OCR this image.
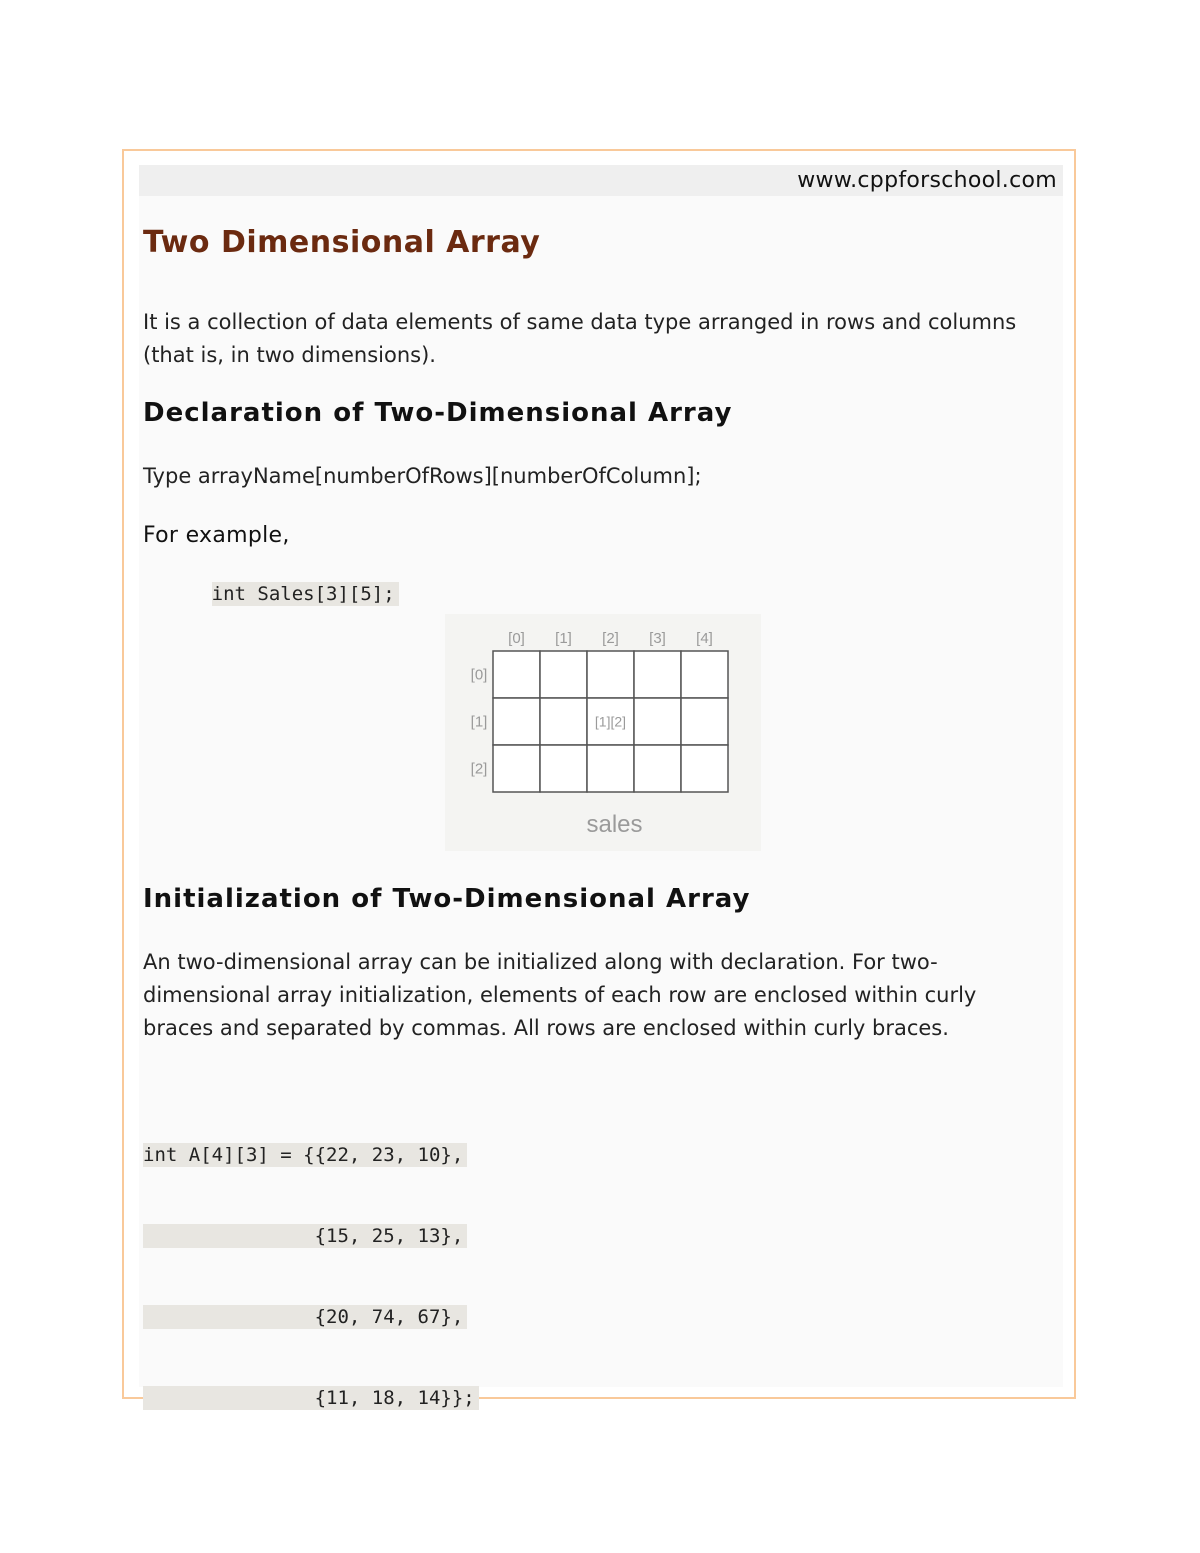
www.cppforschool.com
Two Dimensional Array

It is a collection of data elements of same data type arranged in rows and columns (that is, in two dimensions).

Declaration of Two-Dimensional Array

Type arrayName[numberOfRows][numberOfColumn];

For example,

int Sales[3][5];

[0] [1] [2] [3] [4]
[0]
[1]
[2]
[1][2]
sales
Initialization of Two-Dimensional Array

An two-dimensional array can be initialized along with declaration. For two-dimensional array initialization, elements of each row are enclosed within curly braces and separated by commas. All rows are enclosed within curly braces.

int A[4][3] = {{22, 23, 10},

{15, 25, 13},

{20, 74, 67},

{11, 18, 14}};
